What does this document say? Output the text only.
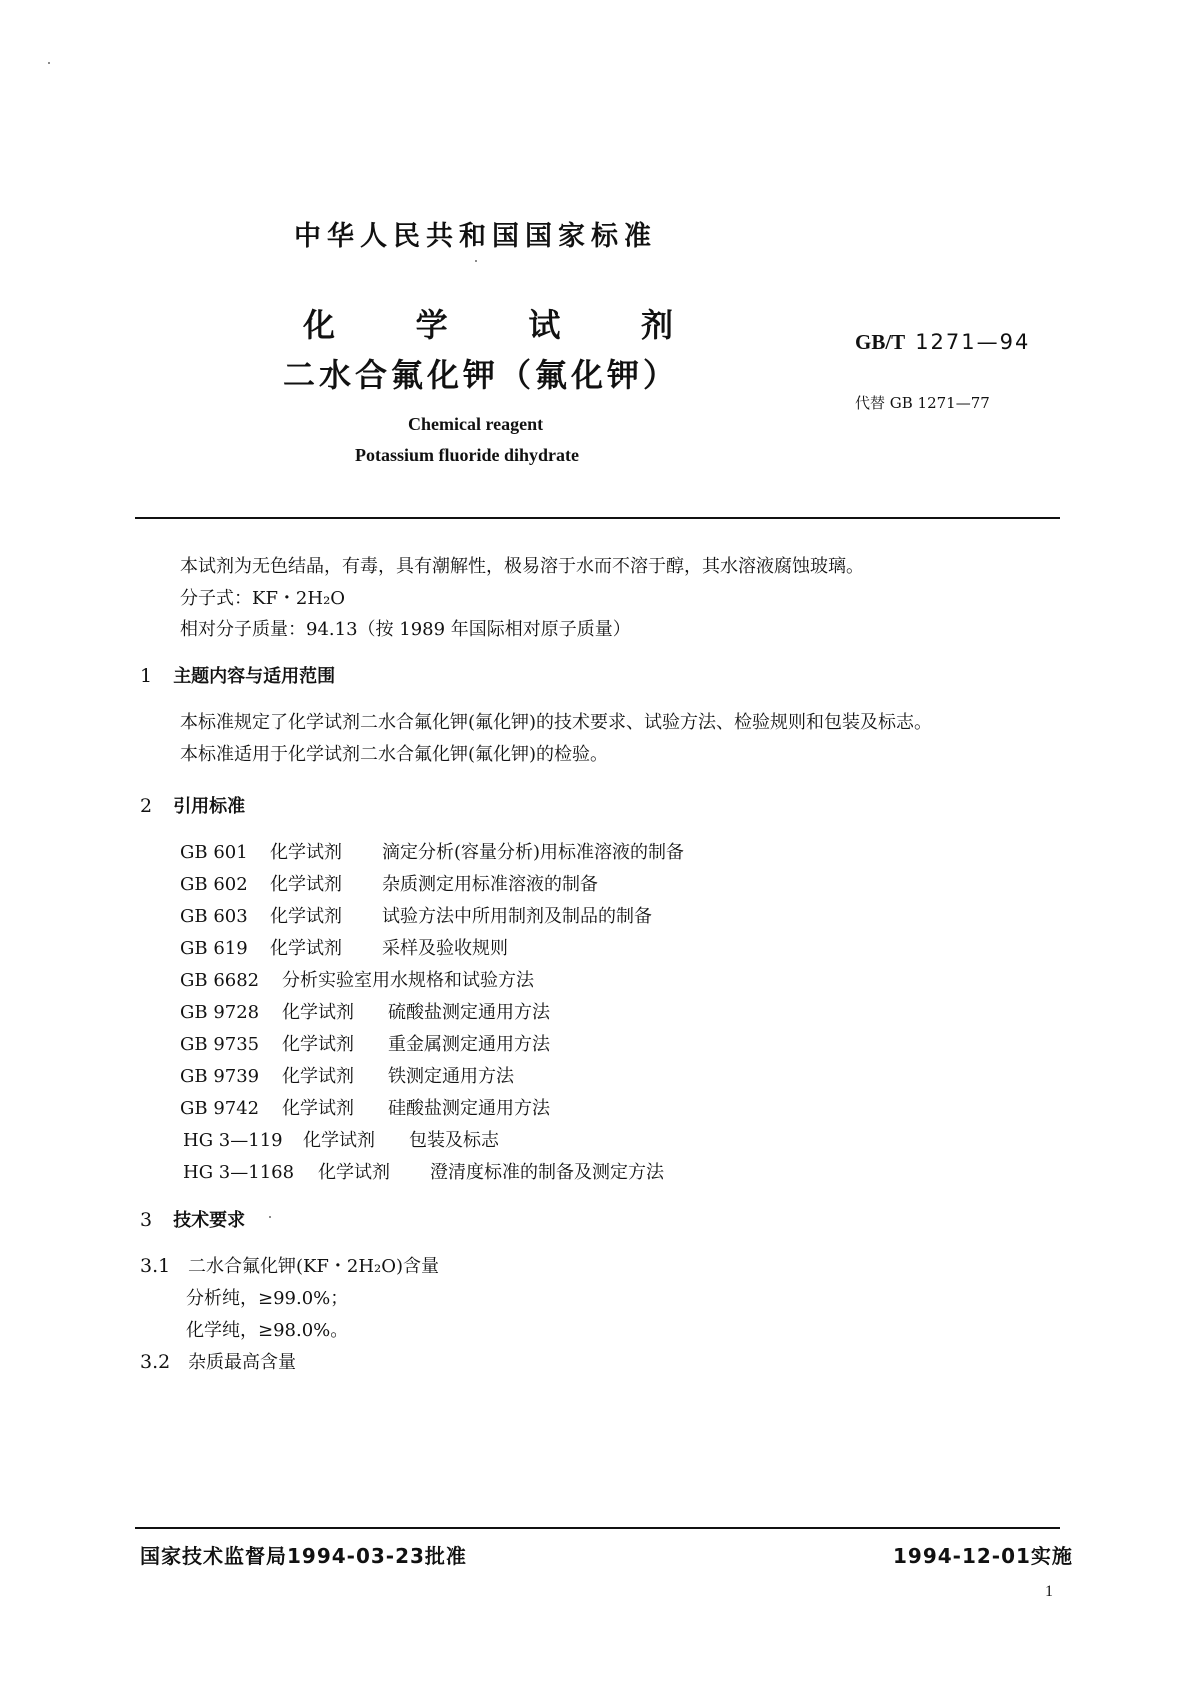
中华人民共和国国家标准
化	学	试	剂
二水合氟化钾（氟化钾）
Chemical reagent
Potassium fluoride dihydrate
GB/T 1271—94
代替 GB 1271—77
本试剂为无色结晶，有毒，具有潮解性，极易溶于水而不溶于醇，其水溶液腐蚀玻璃。
分子式：KF・2H₂O
相对分子质量：94.13（按 1989 年国际相对原子质量）
1 主题内容与适用范围
本标准规定了化学试剂二水合氟化钾(氟化钾)的技术要求、试验方法、检验规则和包装及标志。
本标准适用于化学试剂二水合氟化钾(氟化钾)的检验。
2 引用标准
GB 601 化学试剂 滴定分析(容量分析)用标准溶液的制备
GB 602 化学试剂 杂质测定用标准溶液的制备
GB 603 化学试剂 试验方法中所用制剂及制品的制备
GB 619 化学试剂 采样及验收规则
GB 6682 分析实验室用水规格和试验方法
GB 9728 化学试剂 硫酸盐测定通用方法
GB 9735 化学试剂 重金属测定通用方法
GB 9739 化学试剂 铁测定通用方法
GB 9742 化学试剂 硅酸盐测定通用方法
HG 3—119 化学试剂 包装及标志
HG 3—1168 化学试剂 澄清度标准的制备及测定方法
3 技术要求
3.1 二水合氟化钾(KF・2H₂O)含量
分析纯，≥99.0%；
化学纯，≥98.0%。
3.2 杂质最高含量
国家技术监督局1994-03-23批准	1994-12-01实施
1
